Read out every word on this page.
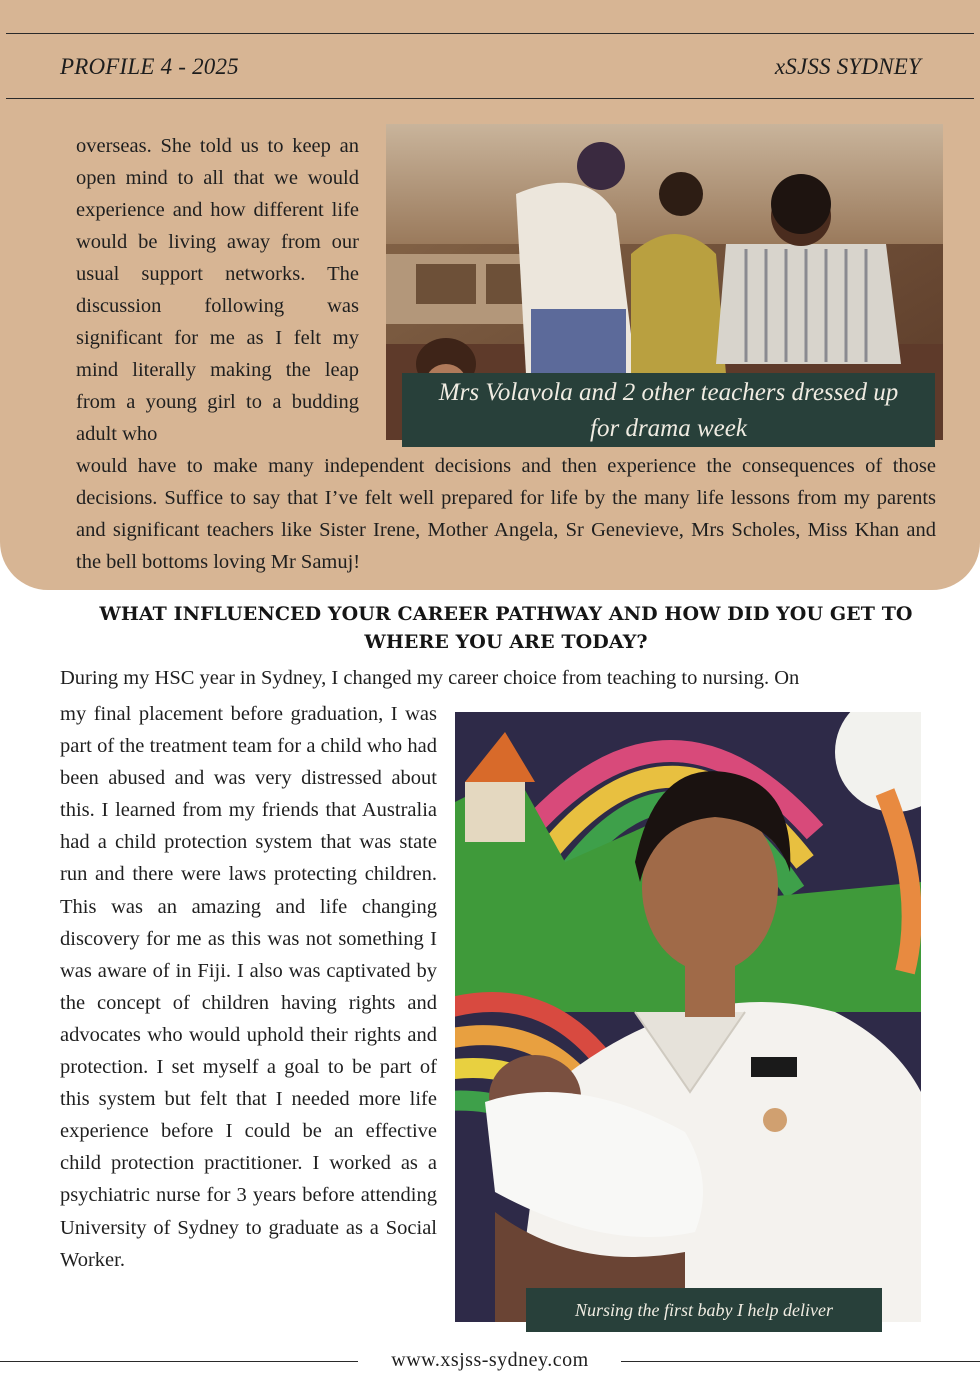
PROFILE 4 - 2025	xSJSS SYDNEY

overseas. She told us to keep an open mind to all that we would experience and how different life would be living away from our usual support networks. The discussion following was significant for me as I felt my mind literally making the leap from a young girl to a budding adult who

Mrs Volavola and 2 other teachers dressed up
for drama week

would have to make many independent decisions and then experience the consequences of those decisions. Suffice to say that I’ve felt well prepared for life by the many life lessons from my parents and significant teachers like Sister Irene, Mother Angela, Sr Genevieve, Mrs Scholes, Miss Khan and the bell bottoms loving Mr Samuj!

WHAT INFLUENCED YOUR CAREER PATHWAY AND HOW DID YOU GET TO
WHERE YOU ARE TODAY?
During my HSC year in Sydney, I changed my career choice from teaching to nursing. On

my final placement before graduation, I was part of the treatment team for a child who had been abused and was very distressed about this. I learned from my friends that Australia had a child protection system that was state run and there were laws protecting children. This was an amazing and life changing discovery for me as this was not something I was aware of in Fiji. I also was captivated by the concept of children having rights and advocates who would uphold their rights and protection. I set myself a goal to be part of this system but felt that I needed more life experience before I could be an effective child protection practitioner. I worked as a psychiatric nurse for 3 years before attending University of Sydney to graduate as a Social Worker.

Nursing the first baby I help deliver
www.xsjss-sydney.com
